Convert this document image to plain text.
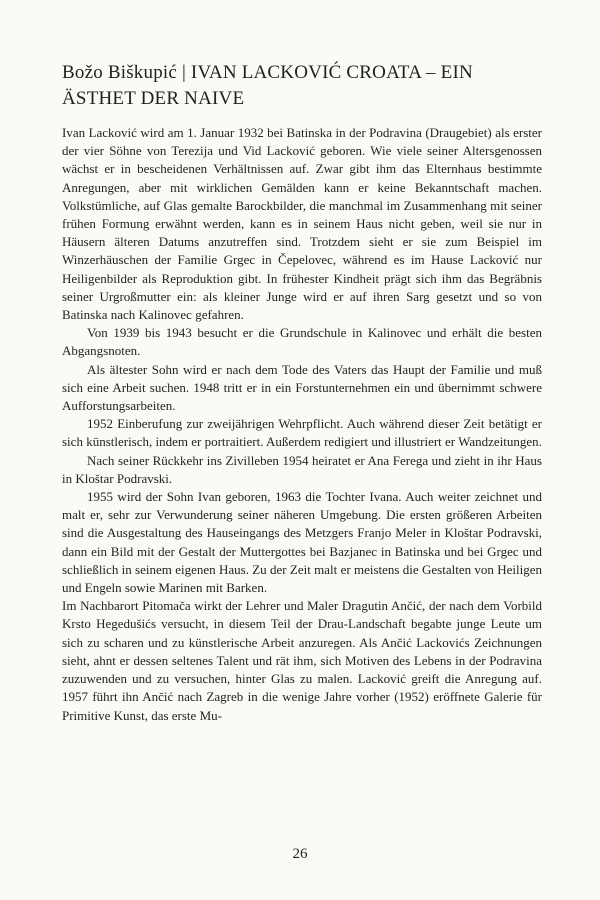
Božo Biškupić | IVAN LACKOVIĆ CROATA – EIN
ÄSTHET DER NAIVE

Ivan Lacković wird am 1. Januar 1932 bei Batinska in der Podravina (Draugebiet) als erster der vier Söhne von Terezija und Vid Lacković geboren. Wie viele seiner Altersgenossen wächst er in bescheidenen Verhältnissen auf. Zwar gibt ihm das Elternhaus bestimmte Anregungen, aber mit wirklichen Gemälden kann er keine Bekanntschaft machen. Volkstümliche, auf Glas gemalte Barockbilder, die manchmal im Zusammenhang mit seiner frühen Formung erwähnt werden, kann es in seinem Haus nicht geben, weil sie nur in Häusern älteren Datums anzutreffen sind. Trotzdem sieht er sie zum Beispiel im Winzerhäuschen der Familie Grgec in Čepelovec, während es im Hause Lacković nur Heiligenbilder als Reproduktion gibt. In frühester Kindheit prägt sich ihm das Begräbnis seiner Urgroßmutter ein: als kleiner Junge wird er auf ihren Sarg gesetzt und so von Batinska nach Kalinovec gefahren.

Von 1939 bis 1943 besucht er die Grundschule in Kalinovec und erhält die besten Abgangsnoten.

Als ältester Sohn wird er nach dem Tode des Vaters das Haupt der Familie und muß sich eine Arbeit suchen. 1948 tritt er in ein Forstunternehmen ein und übernimmt schwere Aufforstungsarbeiten.

1952 Einberufung zur zweijährigen Wehrpflicht. Auch während dieser Zeit betätigt er sich künstlerisch, indem er portraitiert. Außerdem redigiert und illustriert er Wandzeitungen.

Nach seiner Rückkehr ins Zivilleben 1954 heiratet er Ana Ferega und zieht in ihr Haus in Kloštar Podravski.

1955 wird der Sohn Ivan geboren, 1963 die Tochter Ivana. Auch weiter zeichnet und malt er, sehr zur Verwunderung seiner näheren Umgebung. Die ersten größeren Arbeiten sind die Ausgestaltung des Hauseingangs des Metzgers Franjo Meler in Kloštar Podravski, dann ein Bild mit der Gestalt der Muttergottes bei Bazjanec in Batinska und bei Grgec und schließlich in seinem eigenen Haus. Zu der Zeit malt er meistens die Gestalten von Heiligen und Engeln sowie Marinen mit Barken.

Im Nachbarort Pitomača wirkt der Lehrer und Maler Dragutin Ančić, der nach dem Vorbild Krsto Hegedušićs versucht, in diesem Teil der Drau-Landschaft begabte junge Leute um sich zu scharen und zu künstlerische Arbeit anzuregen. Als Ančić Lackovićs Zeichnungen sieht, ahnt er dessen seltenes Talent und rät ihm, sich Motiven des Lebens in der Podravina zuzuwenden und zu versuchen, hinter Glas zu malen. Lacković greift die Anregung auf. 1957 führt ihn Ančić nach Zagreb in die wenige Jahre vorher (1952) eröffnete Galerie für Primitive Kunst, das erste Mu-

26
